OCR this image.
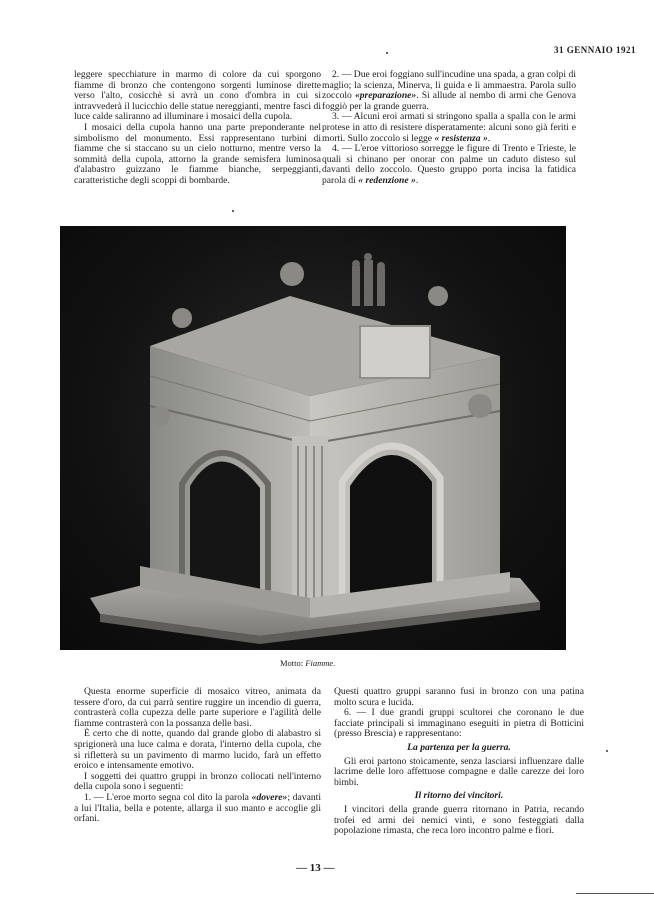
31 GENNAIO 1921

leggere specchiature in marmo di colore da cui sporgono fiamme di bronzo che contengono sorgenti luminose dirette verso l'alto, cosicchè si avrà un cono d'ombra in cui si intravvederà il lucicchio delle statue nereggianti, mentre fasci di luce calde saliranno ad illuminare i mosaici della cupola.

I mosaici della cupola hanno una parte preponderante nel simbolismo del monumento. Essi rappresentano turbini di fiamme che si staccano su un cielo notturno, mentre verso la sommità della cupola, attorno la grande semisfera luminosa d'alabastro guizzano le fiamme bianche, serpeggianti, caratteristiche degli scoppi di bombarde.

2. — Due eroi foggiano sull'incudine una spada, a gran colpi di maglio; la scienza, Minerva, li guida e li ammaestra. Parola sullo zoccolo «preparazione». Si allude al nembo di armi che Genova foggiò per la grande guerra.

3. — Alcuni eroi armati si stringono spalla a spalla con le armi protese in atto di resistere disperatamente: alcuni sono già feriti e morti. Sullo zoccolo si legge « resistenza ».

4. — L'eroe vittorioso sorregge le figure di Trento e Trieste, le quali si chinano per onorar con palme un caduto disteso sul davanti dello zoccolo. Questo gruppo porta incisa la fatidica parola di « redenzione ».

Motto: Fiamme.

Questa enorme superficie di mosaico vitreo, animata da tessere d'oro, da cui parrà sentire ruggire un incendio di guerra, contrasterà colla cupezza delle parte superiore e l'agilità delle fiamme contrasterà con la possanza delle basi.

È certo che di notte, quando dal grande globo di alabastro si sprigionerà una luce calma e dorata, l'interno della cupola, che si rifletterà su un pavimento di marmo lucido, farà un effetto eroico e intensamente emotivo.

I soggetti dei quattro gruppi in bronzo collocati nell'interno della cupola sono i seguenti:

1. — L'eroe morto segna col dito la parola «dovere»; davanti a lui l'Italia, bella e potente, allarga il suo manto e accoglie gli orfani.

Questi quattro gruppi saranno fusi in bronzo con una patina molto scura e lucida.

6. — I due grandi gruppi scultorei che coronano le due facciate principali si immaginano eseguiti in pietra di Botticini (presso Brescia) e rappresentano:

La partenza per la guerra.

Gli eroi partono stoicamente, senza lasciarsi influenzare dalle lacrime delle loro affettuose compagne e dalle carezze dei loro bimbi.

Il ritorno dei vincitori.

I vincitori della grande guerra ritornano in Patria, recando trofei ed armi dei nemici vinti, e sono festeggiati dalla popolazione rimasta, che reca loro incontro palme e fiori.

— 13 —
